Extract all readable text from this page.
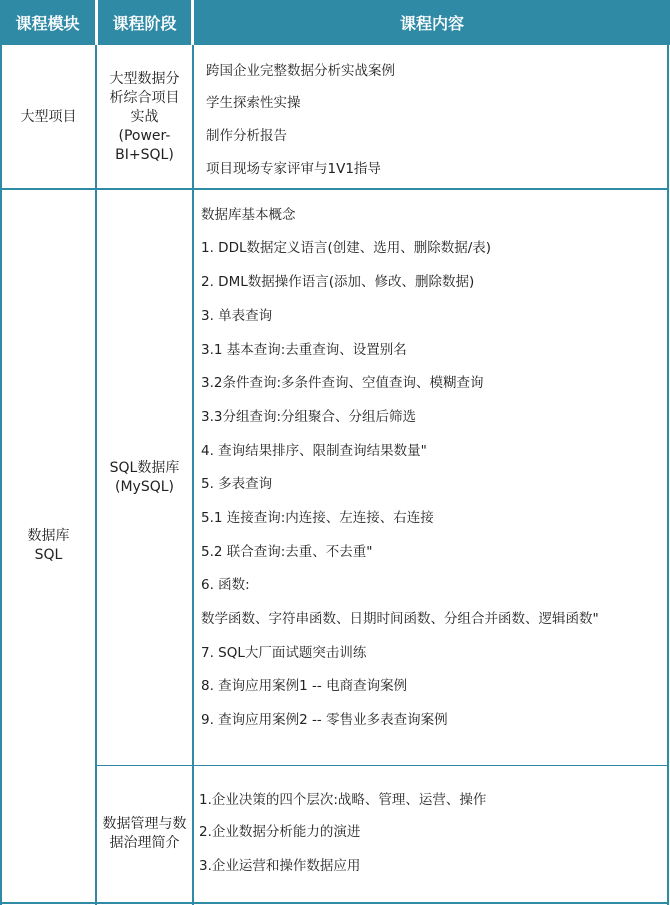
课程模块	课程阶段	课程内容
大型项目
大型数据分析综合项目实战(Power-BI+SQL)
跨国企业完整数据分析实战案例
学生探索性实操
制作分析报告
项目现场专家评审与1V1指导
数据库SQL
SQL数据库(MySQL)
数据库基本概念
1. DDL数据定义语言(创建、选用、删除数据/表)
2. DML数据操作语言(添加、修改、删除数据)
3. 单表查询
3.1 基本查询:去重查询、设置别名
3.2条件查询:多条件查询、空值查询、模糊查询
3.3分组查询:分组聚合、分组后筛选
4. 查询结果排序、限制查询结果数量"
5. 多表查询
5.1 连接查询:内连接、左连接、右连接
5.2 联合查询:去重、不去重"
6. 函数:
数学函数、字符串函数、日期时间函数、分组合并函数、逻辑函数"
7. SQL大厂面试题突击训练
8. 查询应用案例1 -- 电商查询案例
9. 查询应用案例2 -- 零售业多表查询案例
数据管理与数据治理简介
1.企业决策的四个层次:战略、管理、运营、操作
2.企业数据分析能力的演进
3.企业运营和操作数据应用
